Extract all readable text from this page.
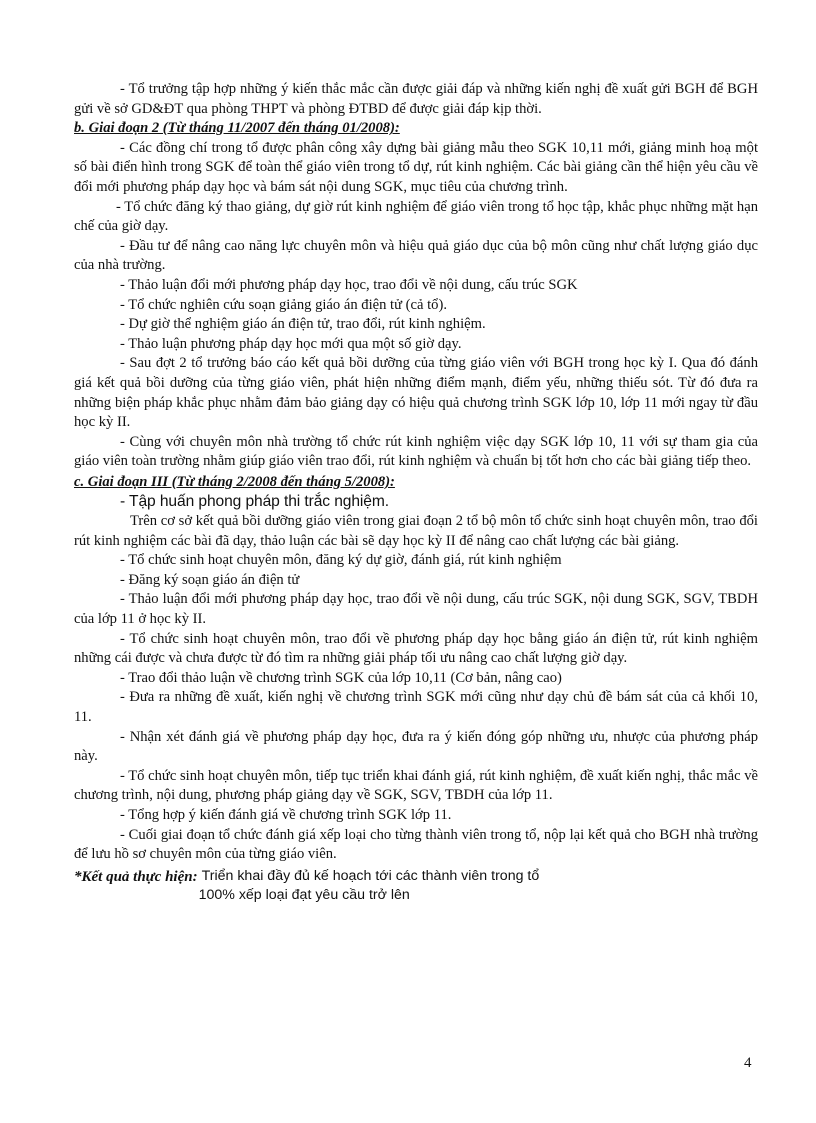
- Tổ trưởng tập hợp những ý kiến thắc mắc cần được giải đáp và những kiến nghị đề xuất gửi BGH để BGH gửi về sở GD&ĐT qua phòng THPT và phòng ĐTBD để được giải đáp kịp thời.

b. Giai đoạn 2 (Từ tháng 11/2007 đến tháng 01/2008):

- Các đồng chí trong tổ được phân công xây dựng bài giảng mẫu theo SGK 10,11 mới, giảng minh hoạ một số bài điển hình trong SGK để toàn thể giáo viên trong tổ dự, rút kinh nghiệm. Các bài giảng cần thể hiện yêu cầu về đổi mới phương pháp dạy học và bám sát nội dung SGK, mục tiêu của chương trình.

- Tổ chức đăng ký thao giảng, dự giờ rút kinh nghiệm để giáo viên trong tổ học tập, khắc phục những mặt hạn chế của giờ dạy.

- Đầu tư để nâng cao năng lực chuyên môn và hiệu quả giáo dục của bộ môn cũng như chất lượng giáo dục của nhà trường.

- Thảo luận đổi mới phương pháp dạy học, trao đổi về nội dung, cấu trúc SGK

- Tổ chức nghiên cứu soạn giảng giáo án điện tử (cả tổ).

- Dự giờ thể nghiệm giáo án điện tử, trao đổi, rút kinh nghiệm.

- Thảo luận phương pháp dạy học mới qua một số giờ dạy.

- Sau đợt 2 tổ trưởng báo cáo kết quả bồi dưỡng của từng giáo viên với BGH trong học kỳ I. Qua đó đánh giá kết quả bồi dưỡng của từng giáo viên, phát hiện những điểm mạnh, điểm yếu, những thiếu sót. Từ đó đưa ra những biện pháp khắc phục nhằm đảm bảo giảng dạy có hiệu quả chương trình SGK lớp 10, lớp 11 mới ngay từ đầu học kỳ II.

- Cùng với chuyên môn nhà trường tổ chức rút kinh nghiệm việc dạy SGK lớp 10, 11 với sự tham gia của giáo viên toàn trường nhằm giúp giáo viên trao đổi, rút kinh nghiệm và chuẩn bị tốt hơn cho các bài giảng tiếp theo.

c. Giai đoạn III (Từ tháng 2/2008 đến tháng 5/2008):

- Tập huấn phong pháp thi trắc nghiệm.

Trên cơ sở kết quả bồi dưỡng giáo viên trong giai đoạn 2 tổ bộ môn tổ chức sinh hoạt chuyên môn, trao đổi rút kinh nghiệm các bài đã dạy, thảo luận các bài sẽ dạy học kỳ II để nâng cao chất lượng các bài giảng.

- Tổ chức sinh hoạt chuyên môn, đăng ký dự giờ, đánh giá, rút kinh nghiệm

- Đăng ký soạn giáo án điện tử

- Thảo luận đổi mới phương pháp dạy học, trao đổi về nội dung, cấu trúc SGK, nội dung SGK, SGV, TBDH của lớp 11 ở học kỳ II.

- Tổ chức sinh hoạt chuyên môn, trao đổi về phương pháp dạy học bằng giáo án điện tử, rút kinh nghiệm những cái được và chưa được từ đó tìm ra những giải pháp tối ưu nâng cao chất lượng giờ dạy.

- Trao đổi thảo luận về chương trình SGK của lớp 10,11 (Cơ bản, nâng cao)

- Đưa ra những đề xuất, kiến nghị về chương trình SGK mới cũng như dạy chủ đề bám sát của cả khối 10, 11.

- Nhận xét đánh giá về phương pháp dạy học, đưa ra ý kiến đóng góp những ưu, nhược của phương pháp này.

- Tổ chức sinh hoạt chuyên môn, tiếp tục triển khai đánh giá, rút kinh nghiệm, đề xuất kiến nghị, thắc mắc về chương trình, nội dung, phương pháp giảng dạy về SGK, SGV, TBDH của lớp 11.

- Tổng hợp ý kiến đánh giá về chương trình SGK lớp 11.

- Cuối giai đoạn tổ chức đánh giá xếp loại cho từng thành viên trong tổ, nộp lại kết quả cho BGH nhà trường để lưu hồ sơ chuyên môn của từng giáo viên.

*Kết quả thực hiện: Triển khai đầy đủ kế hoạch tới các thành viên trong tổ
100% xếp loại đạt yêu cầu trở lên
4
